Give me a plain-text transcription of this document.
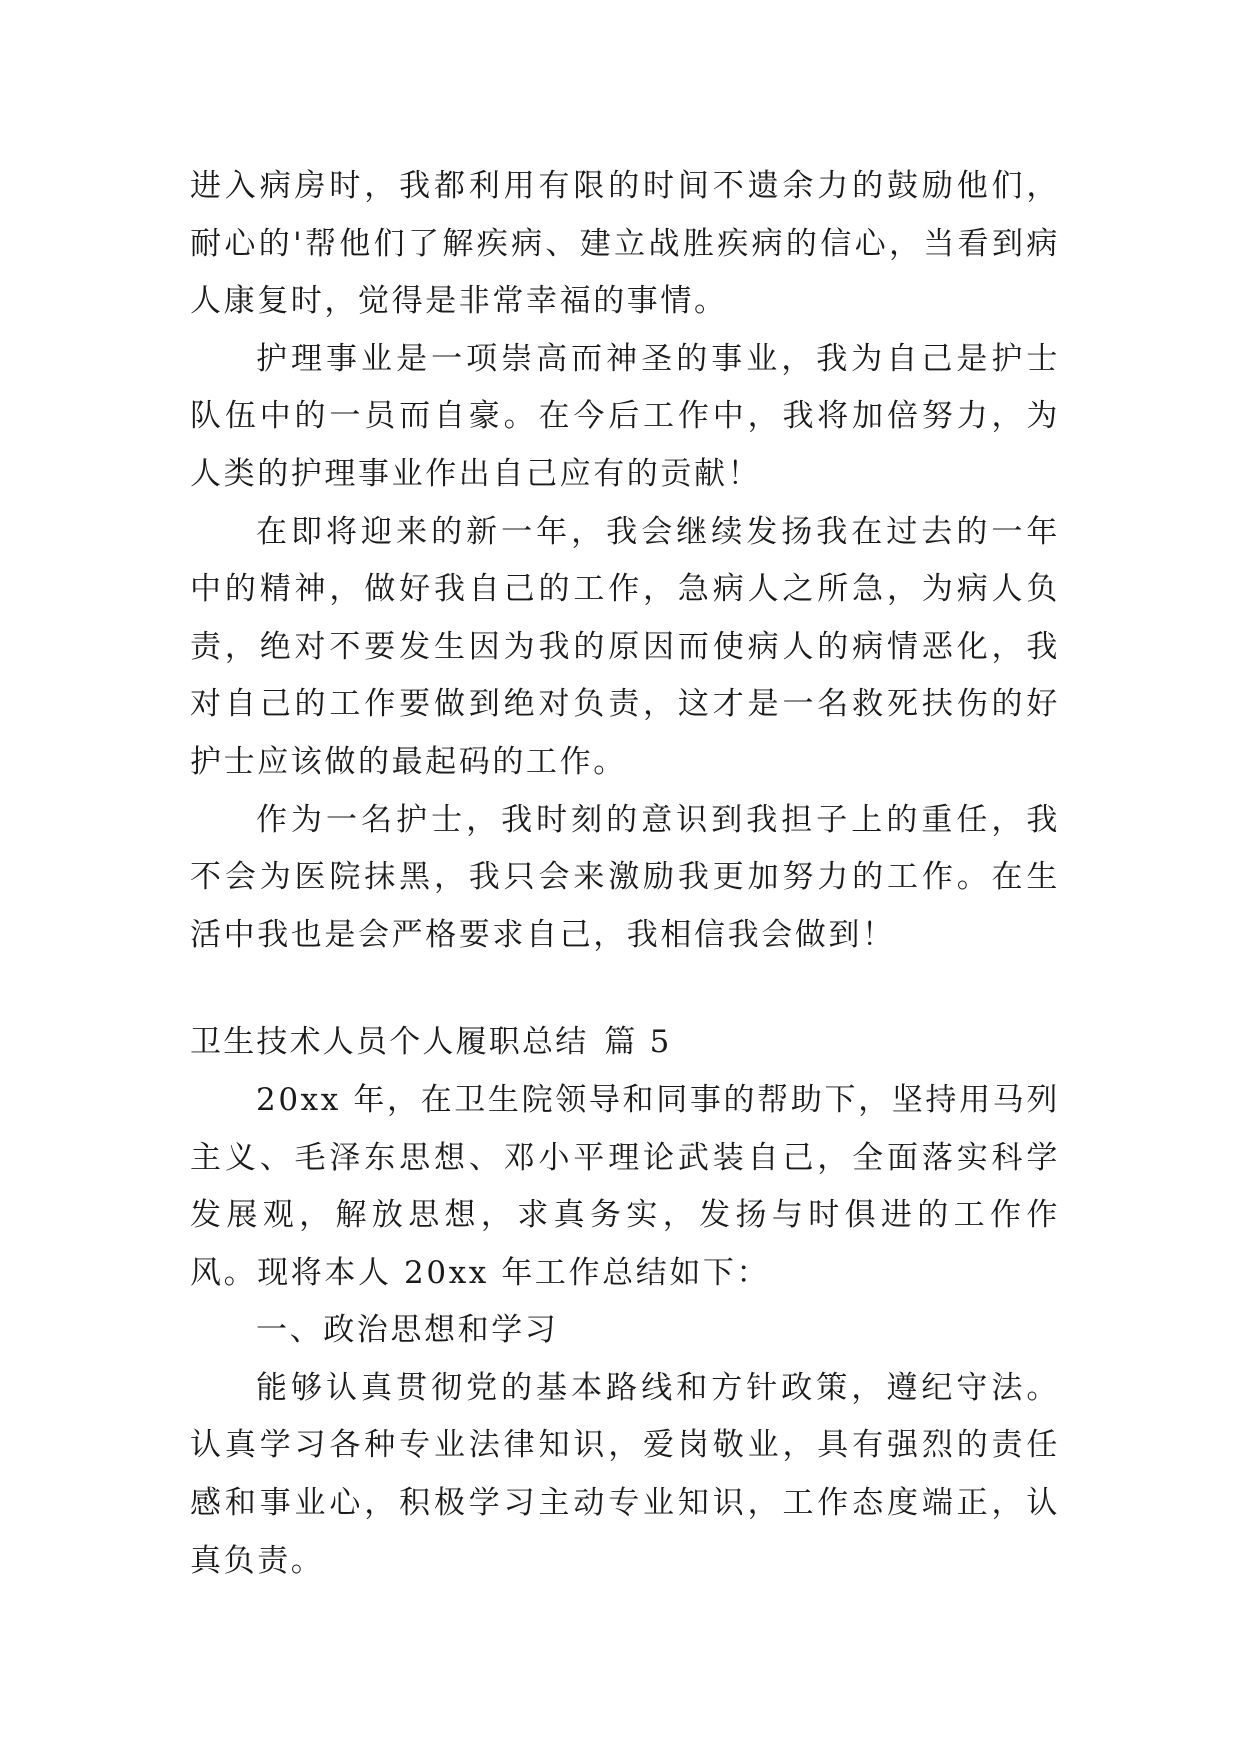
进入病房时，我都利用有限的时间不遗余力的鼓励他们，耐心的'帮他们了解疾病、建立战胜疾病的信心，当看到病人康复时，觉得是非常幸福的事情。

护理事业是一项崇高而神圣的事业，我为自己是护士队伍中的一员而自豪。在今后工作中，我将加倍努力，为人类的护理事业作出自己应有的贡献！

在即将迎来的新一年，我会继续发扬我在过去的一年中的精神，做好我自己的工作，急病人之所急，为病人负责，绝对不要发生因为我的原因而使病人的病情恶化，我对自己的工作要做到绝对负责，这才是一名救死扶伤的好护士应该做的最起码的工作。

作为一名护士，我时刻的意识到我担子上的重任，我不会为医院抹黑，我只会来激励我更加努力的工作。在生活中我也是会严格要求自己，我相信我会做到！

卫生技术人员个人履职总结 篇 5

20xx 年，在卫生院领导和同事的帮助下，坚持用马列主义、毛泽东思想、邓小平理论武装自己，全面落实科学发展观，解放思想，求真务实，发扬与时俱进的工作作风。现将本人 20xx 年工作总结如下：

一、政治思想和学习

能够认真贯彻党的基本路线和方针政策，遵纪守法。认真学习各种专业法律知识，爱岗敬业，具有强烈的责任感和事业心，积极学习主动专业知识，工作态度端正，认真负责。
